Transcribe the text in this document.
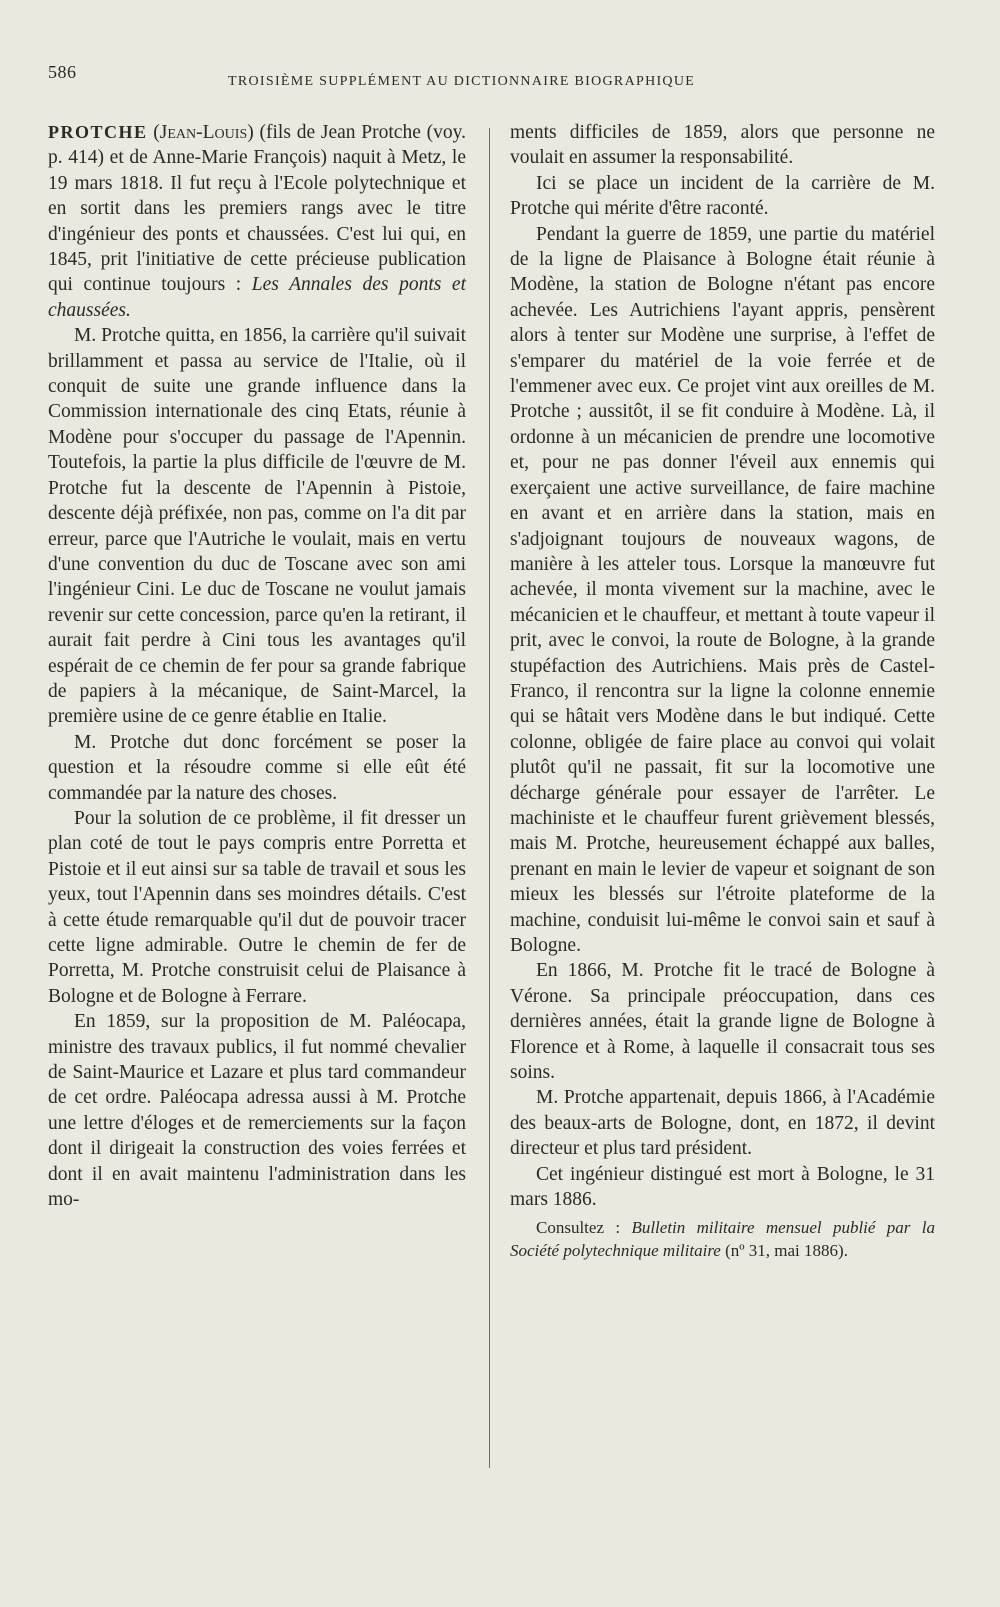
586	TROISIÈME SUPPLÉMENT AU DICTIONNAIRE BIOGRAPHIQUE

PROTCHE (Jean-Louis) (fils de Jean Protche (voy. p. 414) et de Anne-Marie François) naquit à Metz, le 19 mars 1818. Il fut reçu à l'Ecole polytechnique et en sortit dans les premiers rangs avec le titre d'ingénieur des ponts et chaussées. C'est lui qui, en 1845, prit l'initiative de cette précieuse publication qui continue toujours : Les Annales des ponts et chaussées.

M. Protche quitta, en 1856, la carrière qu'il suivait brillamment et passa au service de l'Italie, où il conquit de suite une grande influence dans la Commission internationale des cinq Etats, réunie à Modène pour s'occuper du passage de l'Apennin. Toutefois, la partie la plus difficile de l'œuvre de M. Protche fut la descente de l'Apennin à Pistoie, descente déjà préfixée, non pas, comme on l'a dit par erreur, parce que l'Autriche le voulait, mais en vertu d'une convention du duc de Toscane avec son ami l'ingénieur Cini. Le duc de Toscane ne voulut jamais revenir sur cette concession, parce qu'en la retirant, il aurait fait perdre à Cini tous les avantages qu'il espérait de ce chemin de fer pour sa grande fabrique de papiers à la mécanique, de Saint-Marcel, la première usine de ce genre établie en Italie.

M. Protche dut donc forcément se poser la question et la résoudre comme si elle eût été commandée par la nature des choses.

Pour la solution de ce problème, il fit dresser un plan coté de tout le pays compris entre Porretta et Pistoie et il eut ainsi sur sa table de travail et sous les yeux, tout l'Apennin dans ses moindres détails. C'est à cette étude remarquable qu'il dut de pouvoir tracer cette ligne admirable. Outre le chemin de fer de Porretta, M. Protche construisit celui de Plaisance à Bologne et de Bologne à Ferrare.

En 1859, sur la proposition de M. Paléocapa, ministre des travaux publics, il fut nommé chevalier de Saint-Maurice et Lazare et plus tard commandeur de cet ordre. Paléocapa adressa aussi à M. Protche une lettre d'éloges et de remerciements sur la façon dont il dirigeait la construction des voies ferrées et dont il en avait maintenu l'administration dans les mo-

ments difficiles de 1859, alors que personne ne voulait en assumer la responsabilité.

Ici se place un incident de la carrière de M. Protche qui mérite d'être raconté.

Pendant la guerre de 1859, une partie du matériel de la ligne de Plaisance à Bologne était réunie à Modène, la station de Bologne n'étant pas encore achevée. Les Autrichiens l'ayant appris, pensèrent alors à tenter sur Modène une surprise, à l'effet de s'emparer du matériel de la voie ferrée et de l'emmener avec eux. Ce projet vint aux oreilles de M. Protche ; aussitôt, il se fit conduire à Modène. Là, il ordonne à un mécanicien de prendre une locomotive et, pour ne pas donner l'éveil aux ennemis qui exerçaient une active surveillance, de faire machine en avant et en arrière dans la station, mais en s'adjoignant toujours de nouveaux wagons, de manière à les atteler tous. Lorsque la manœuvre fut achevée, il monta vivement sur la machine, avec le mécanicien et le chauffeur, et mettant à toute vapeur il prit, avec le convoi, la route de Bologne, à la grande stupéfaction des Autrichiens. Mais près de Castel-Franco, il rencontra sur la ligne la colonne ennemie qui se hâtait vers Modène dans le but indiqué. Cette colonne, obligée de faire place au convoi qui volait plutôt qu'il ne passait, fit sur la locomotive une décharge générale pour essayer de l'arrêter. Le machiniste et le chauffeur furent grièvement blessés, mais M. Protche, heureusement échappé aux balles, prenant en main le levier de vapeur et soignant de son mieux les blessés sur l'étroite plateforme de la machine, conduisit lui-même le convoi sain et sauf à Bologne.

En 1866, M. Protche fit le tracé de Bologne à Vérone. Sa principale préoccupation, dans ces dernières années, était la grande ligne de Bologne à Florence et à Rome, à laquelle il consacrait tous ses soins.

M. Protche appartenait, depuis 1866, à l'Académie des beaux-arts de Bologne, dont, en 1872, il devint directeur et plus tard président.

Cet ingénieur distingué est mort à Bologne, le 31 mars 1886.

Consultez : Bulletin militaire mensuel publié par la Société polytechnique militaire (nº 31, mai 1886).
